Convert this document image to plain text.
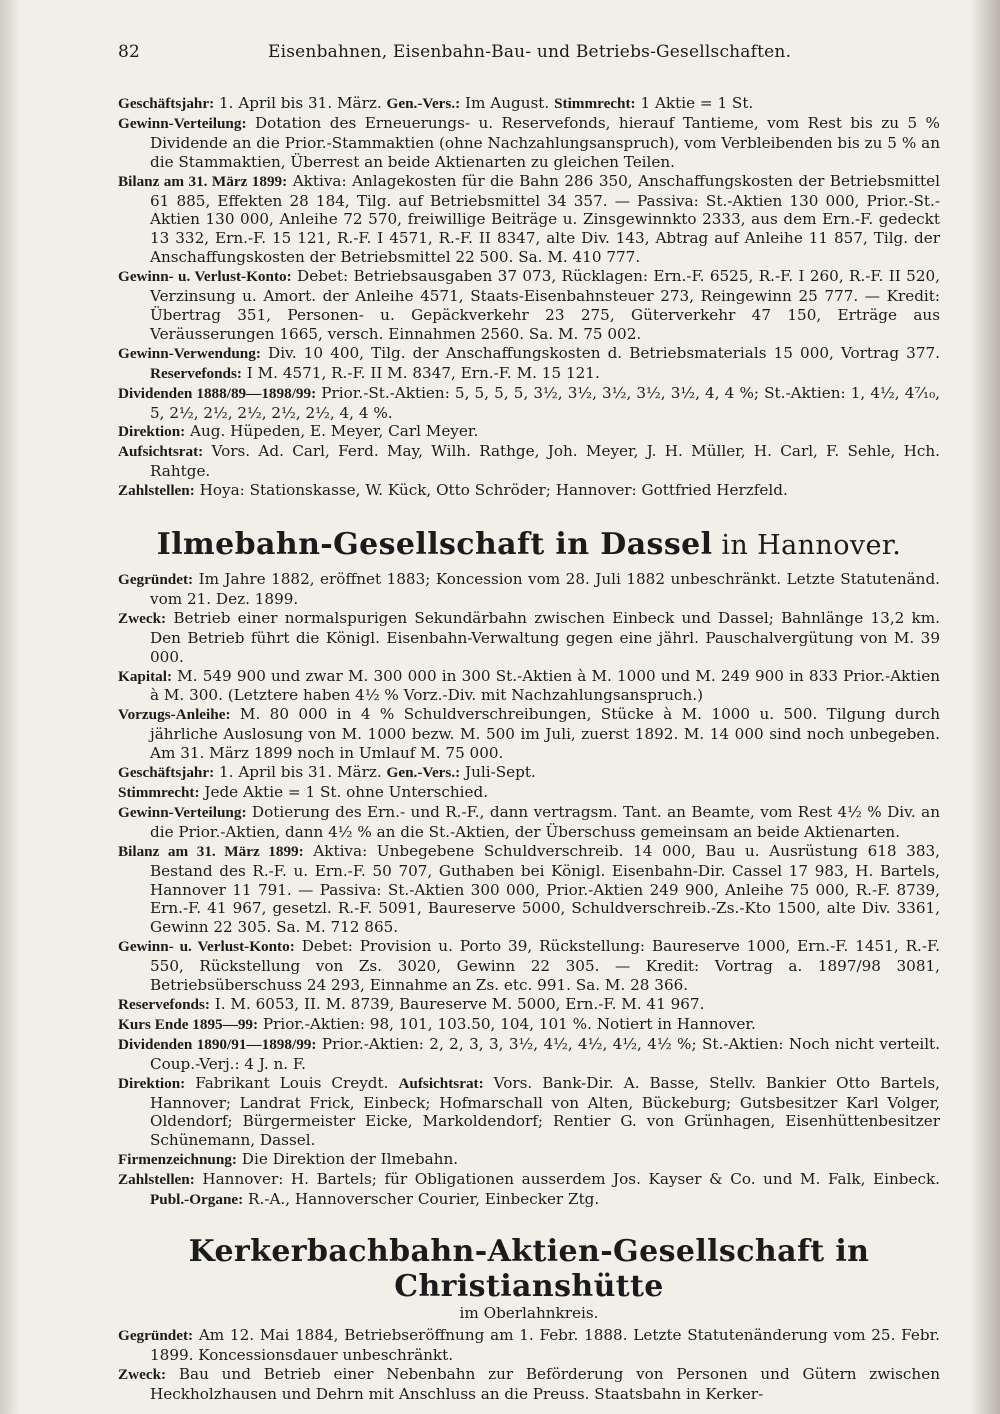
82	Eisenbahnen, Eisenbahn-Bau- und Betriebs-Gesellschaften.

Geschäftsjahr: 1. April bis 31. März. Gen.-Vers.: Im August. Stimmrecht: 1 Aktie = 1 St.

Gewinn-Verteilung: Dotation des Erneuerungs- u. Reservefonds, hierauf Tantieme, vom Rest bis zu 5 % Dividende an die Prior.-Stammaktien (ohne Nachzahlungsanspruch), vom Verbleibenden bis zu 5 % an die Stammaktien, Überrest an beide Aktienarten zu gleichen Teilen.

Bilanz am 31. März 1899: Aktiva: Anlagekosten für die Bahn 286 350, Anschaffungskosten der Betriebsmittel 61 885, Effekten 28 184, Tilg. auf Betriebsmittel 34 357. — Passiva: St.-Aktien 130 000, Prior.-St.-Aktien 130 000, Anleihe 72 570, freiwillige Beiträge u. Zinsgewinnkto 2333, aus dem Ern.-F. gedeckt 13 332, Ern.-F. 15 121, R.-F. I 4571, R.-F. II 8347, alte Div. 143, Abtrag auf Anleihe 11 857, Tilg. der Anschaffungskosten der Betriebsmittel 22 500. Sa. M. 410 777.

Gewinn- u. Verlust-Konto: Debet: Betriebsausgaben 37 073, Rücklagen: Ern.-F. 6525, R.-F. I 260, R.-F. II 520, Verzinsung u. Amort. der Anleihe 4571, Staats-Eisenbahnsteuer 273, Reingewinn 25 777. — Kredit: Übertrag 351, Personen- u. Gepäckverkehr 23 275, Güterverkehr 47 150, Erträge aus Veräusserungen 1665, versch. Einnahmen 2560. Sa. M. 75 002.

Gewinn-Verwendung: Div. 10 400, Tilg. der Anschaffungskosten d. Betriebsmaterials 15 000, Vortrag 377. Reservefonds: I M. 4571, R.-F. II M. 8347, Ern.-F. M. 15 121.

Dividenden 1888/89—1898/99: Prior.-St.-Aktien: 5, 5, 5, 5, 3½, 3½, 3½, 3½, 3½, 4, 4 %; St.-Aktien: 1, 4½, 4⁷⁄₁₀, 5, 2½, 2½, 2½, 2½, 2½, 4, 4 %.

Direktion: Aug. Hüpeden, E. Meyer, Carl Meyer.

Aufsichtsrat: Vors. Ad. Carl, Ferd. May, Wilh. Rathge, Joh. Meyer, J. H. Müller, H. Carl, F. Sehle, Hch. Rahtge.

Zahlstellen: Hoya: Stationskasse, W. Kück, Otto Schröder; Hannover: Gottfried Herzfeld.

Ilmebahn-Gesellschaft in Dassel in Hannover.

Gegründet: Im Jahre 1882, eröffnet 1883; Koncession vom 28. Juli 1882 unbeschränkt. Letzte Statutenänd. vom 21. Dez. 1899.

Zweck: Betrieb einer normalspurigen Sekundärbahn zwischen Einbeck und Dassel; Bahnlänge 13,2 km. Den Betrieb führt die Königl. Eisenbahn-Verwaltung gegen eine jährl. Pauschalvergütung von M. 39 000.

Kapital: M. 549 900 und zwar M. 300 000 in 300 St.-Aktien à M. 1000 und M. 249 900 in 833 Prior.-Aktien à M. 300. (Letztere haben 4½ % Vorz.-Div. mit Nachzahlungsanspruch.)

Vorzugs-Anleihe: M. 80 000 in 4 % Schuldverschreibungen, Stücke à M. 1000 u. 500. Tilgung durch jährliche Auslosung von M. 1000 bezw. M. 500 im Juli, zuerst 1892. M. 14 000 sind noch unbegeben. Am 31. März 1899 noch in Umlauf M. 75 000.

Geschäftsjahr: 1. April bis 31. März. Gen.-Vers.: Juli-Sept.

Stimmrecht: Jede Aktie = 1 St. ohne Unterschied.

Gewinn-Verteilung: Dotierung des Ern.- und R.-F., dann vertragsm. Tant. an Beamte, vom Rest 4½ % Div. an die Prior.-Aktien, dann 4½ % an die St.-Aktien, der Überschuss gemeinsam an beide Aktienarten.

Bilanz am 31. März 1899: Aktiva: Unbegebene Schuldverschreib. 14 000, Bau u. Ausrüstung 618 383, Bestand des R.-F. u. Ern.-F. 50 707, Guthaben bei Königl. Eisenbahn-Dir. Cassel 17 983, H. Bartels, Hannover 11 791. — Passiva: St.-Aktien 300 000, Prior.-Aktien 249 900, Anleihe 75 000, R.-F. 8739, Ern.-F. 41 967, gesetzl. R.-F. 5091, Baureserve 5000, Schuldverschreib.-Zs.-Kto 1500, alte Div. 3361, Gewinn 22 305. Sa. M. 712 865.

Gewinn- u. Verlust-Konto: Debet: Provision u. Porto 39, Rückstellung: Baureserve 1000, Ern.-F. 1451, R.-F. 550, Rückstellung von Zs. 3020, Gewinn 22 305. — Kredit: Vortrag a. 1897/98 3081, Betriebsüberschuss 24 293, Einnahme an Zs. etc. 991. Sa. M. 28 366.

Reservefonds: I. M. 6053, II. M. 8739, Baureserve M. 5000, Ern.-F. M. 41 967.

Kurs Ende 1895—99: Prior.-Aktien: 98, 101, 103.50, 104, 101 %. Notiert in Hannover.

Dividenden 1890/91—1898/99: Prior.-Aktien: 2, 2, 3, 3, 3½, 4½, 4½, 4½, 4½ %; St.-Aktien: Noch nicht verteilt. Coup.-Verj.: 4 J. n. F.

Direktion: Fabrikant Louis Creydt. Aufsichtsrat: Vors. Bank-Dir. A. Basse, Stellv. Bankier Otto Bartels, Hannover; Landrat Frick, Einbeck; Hofmarschall von Alten, Bückeburg; Gutsbesitzer Karl Volger, Oldendorf; Bürgermeister Eicke, Markoldendorf; Rentier G. von Grünhagen, Eisenhüttenbesitzer Schünemann, Dassel.

Firmenzeichnung: Die Direktion der Ilmebahn.

Zahlstellen: Hannover: H. Bartels; für Obligationen ausserdem Jos. Kayser & Co. und M. Falk, Einbeck. Publ.-Organe: R.-A., Hannoverscher Courier, Einbecker Ztg.

Kerkerbachbahn-Aktien-Gesellschaft in Christianshütte
im Oberlahnkreis.

Gegründet: Am 12. Mai 1884, Betriebseröffnung am 1. Febr. 1888. Letzte Statutenänderung vom 25. Febr. 1899. Koncessionsdauer unbeschränkt.

Zweck: Bau und Betrieb einer Nebenbahn zur Beförderung von Personen und Gütern zwischen Heckholzhausen und Dehrn mit Anschluss an die Preuss. Staatsbahn in Kerker-
